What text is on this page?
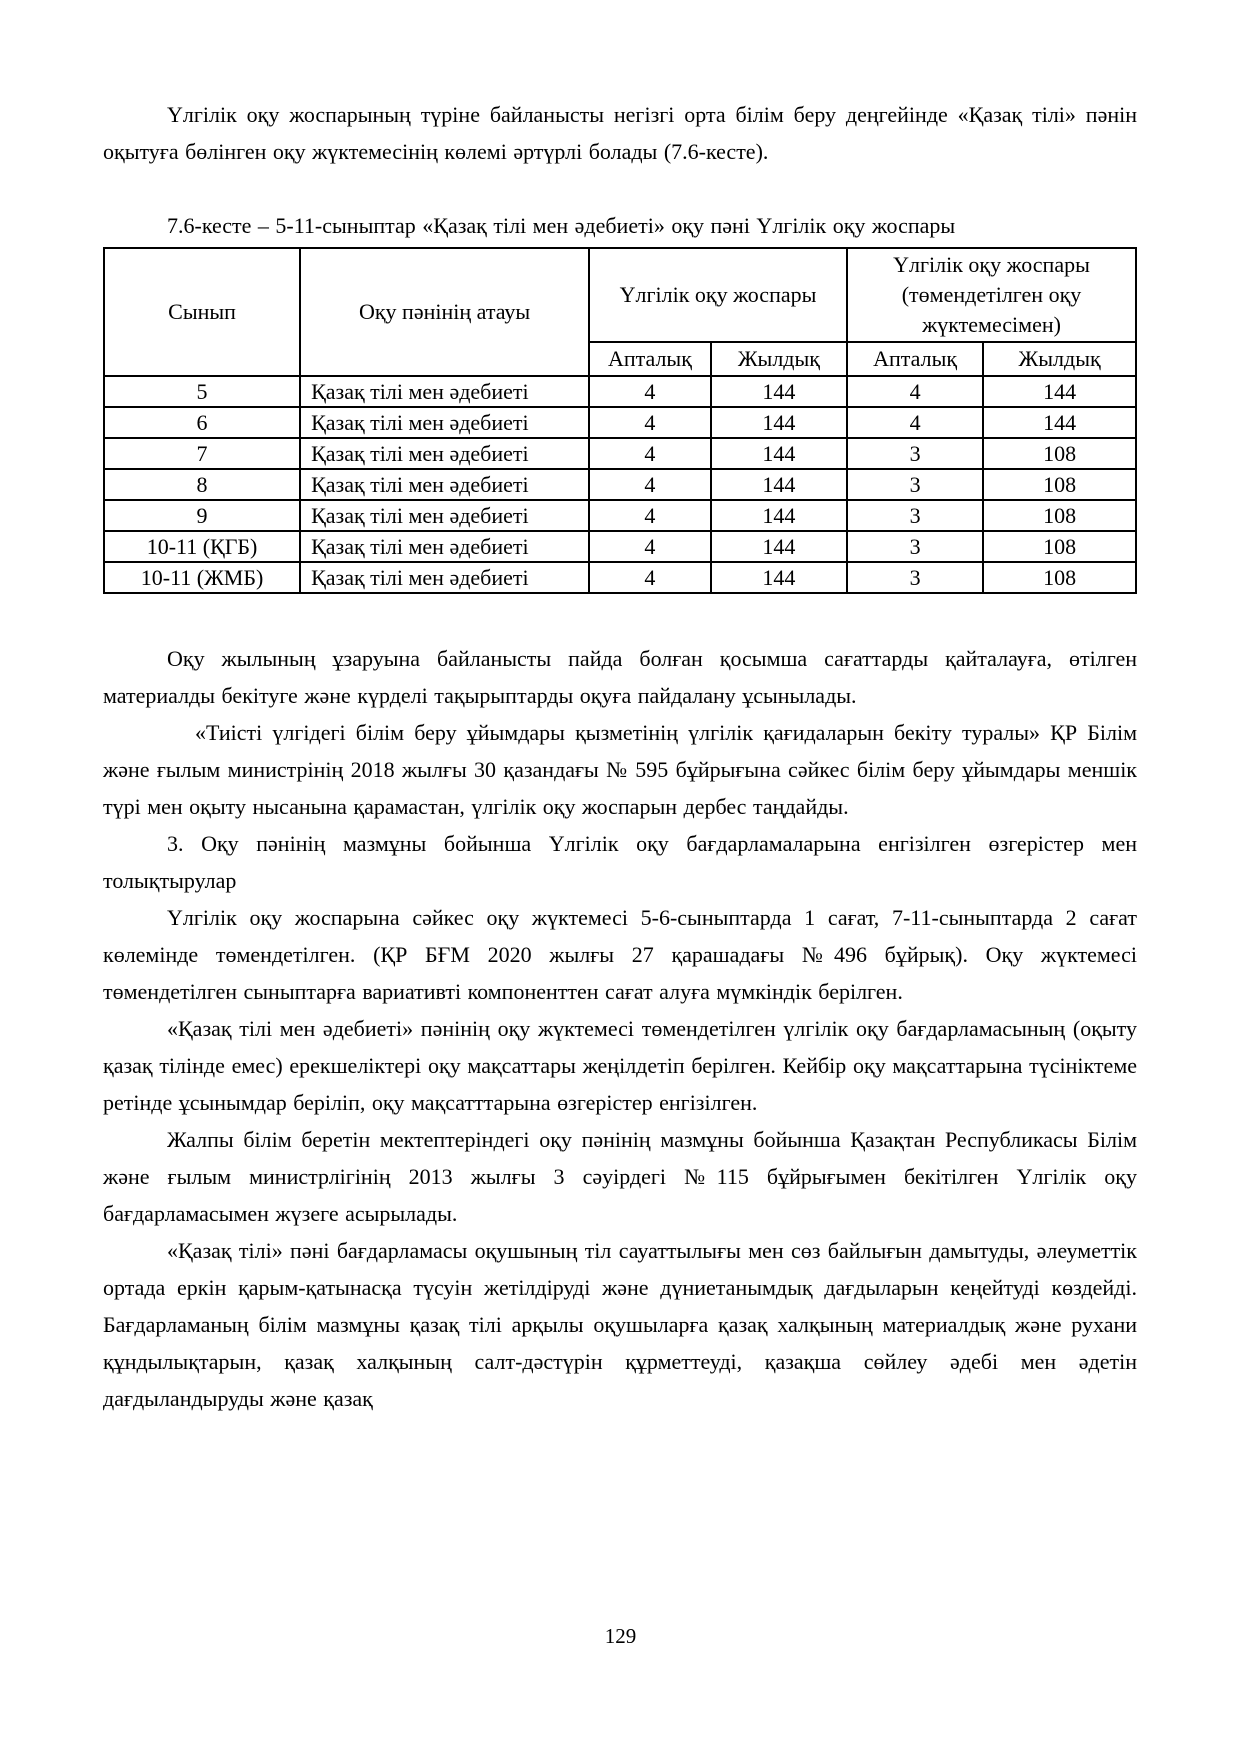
Үлгілік оқу жоспарының түріне байланысты негізгі орта білім беру деңгейінде «Қазақ тілі» пәнін оқытуға бөлінген оқу жүктемесінің көлемі әртүрлі болады (7.6-кесте).

7.6-кесте – 5-11-сыныптар «Қазақ тілі мен әдебиеті» оқу пәні Үлгілік оқу жоспары

Сынып	Оқу пәнінің атауы	Үлгілік оқу жоспары		Үлгілік оқу жоспары (төмендетілген оқу жүктемесімен)	
		Апталық	Жылдық	Апталық	Жылдық
5	Қазақ тілі мен әдебиеті	4	144	4	144
6	Қазақ тілі мен әдебиеті	4	144	4	144
7	Қазақ тілі мен әдебиеті	4	144	3	108
8	Қазақ тілі мен әдебиеті	4	144	3	108
9	Қазақ тілі мен әдебиеті	4	144	3	108
10-11 (ҚГБ)	Қазақ тілі мен әдебиеті	4	144	3	108
10-11 (ЖМБ)	Қазақ тілі мен әдебиеті	4	144	3	108

Оқу жылының ұзаруына байланысты пайда болған қосымша сағаттарды қайталауға, өтілген материалды бекітуге және күрделі тақырыптарды оқуға пайдалану ұсынылады.

«Тиісті үлгідегі білім беру ұйымдары қызметінің үлгілік қағидаларын бекіту туралы» ҚР Білім және ғылым министрінің 2018 жылғы 30 қазандағы № 595 бұйрығына сәйкес білім беру ұйымдары меншік түрі мен оқыту нысанына қарамастан, үлгілік оқу жоспарын дербес таңдайды.

3. Оқу пәнінің мазмұны бойынша Үлгілік оқу бағдарламаларына енгізілген өзгерістер мен толықтырулар

Үлгілік оқу жоспарына сәйкес оқу жүктемесі 5-6-сыныптарда 1 сағат, 7-11-сыныптарда 2 сағат көлемінде төмендетілген. (ҚР БҒМ 2020 жылғы 27 қарашадағы №496 бұйрық). Оқу жүктемесі төмендетілген сыныптарға вариативті компоненттен сағат алуға мүмкіндік берілген.

«Қазақ тілі мен әдебиеті» пәнінің оқу жүктемесі төмендетілген үлгілік оқу бағдарламасының (оқыту қазақ тілінде емес) ерекшеліктері оқу мақсаттары жеңілдетіп берілген. Кейбір оқу мақсаттарына түсініктеме ретінде ұсынымдар беріліп, оқу мақсатттарына өзгерістер енгізілген.

Жалпы білім беретін мектептеріндегі оқу пәнінің мазмұны бойынша Қазақтан Республикасы Білім және ғылым министрлігінің 2013 жылғы 3 сәуірдегі №115 бұйрығымен бекітілген Үлгілік оқу бағдарламасымен жүзеге асырылады.

«Қазақ тілі» пәні бағдарламасы оқушының тіл сауаттылығы мен сөз байлығын дамытуды, әлеуметтік ортада еркін қарым-қатынасқа түсуін жетілдіруді және дүниетанымдық дағдыларын кеңейтуді көздейді. Бағдарламаның білім мазмұны қазақ тілі арқылы оқушыларға қазақ халқының материалдық және рухани құндылықтарын, қазақ халқының салт-дәстүрін құрметтеуді, қазақша сөйлеу әдебі мен әдетін дағдыландыруды және қазақ

129
